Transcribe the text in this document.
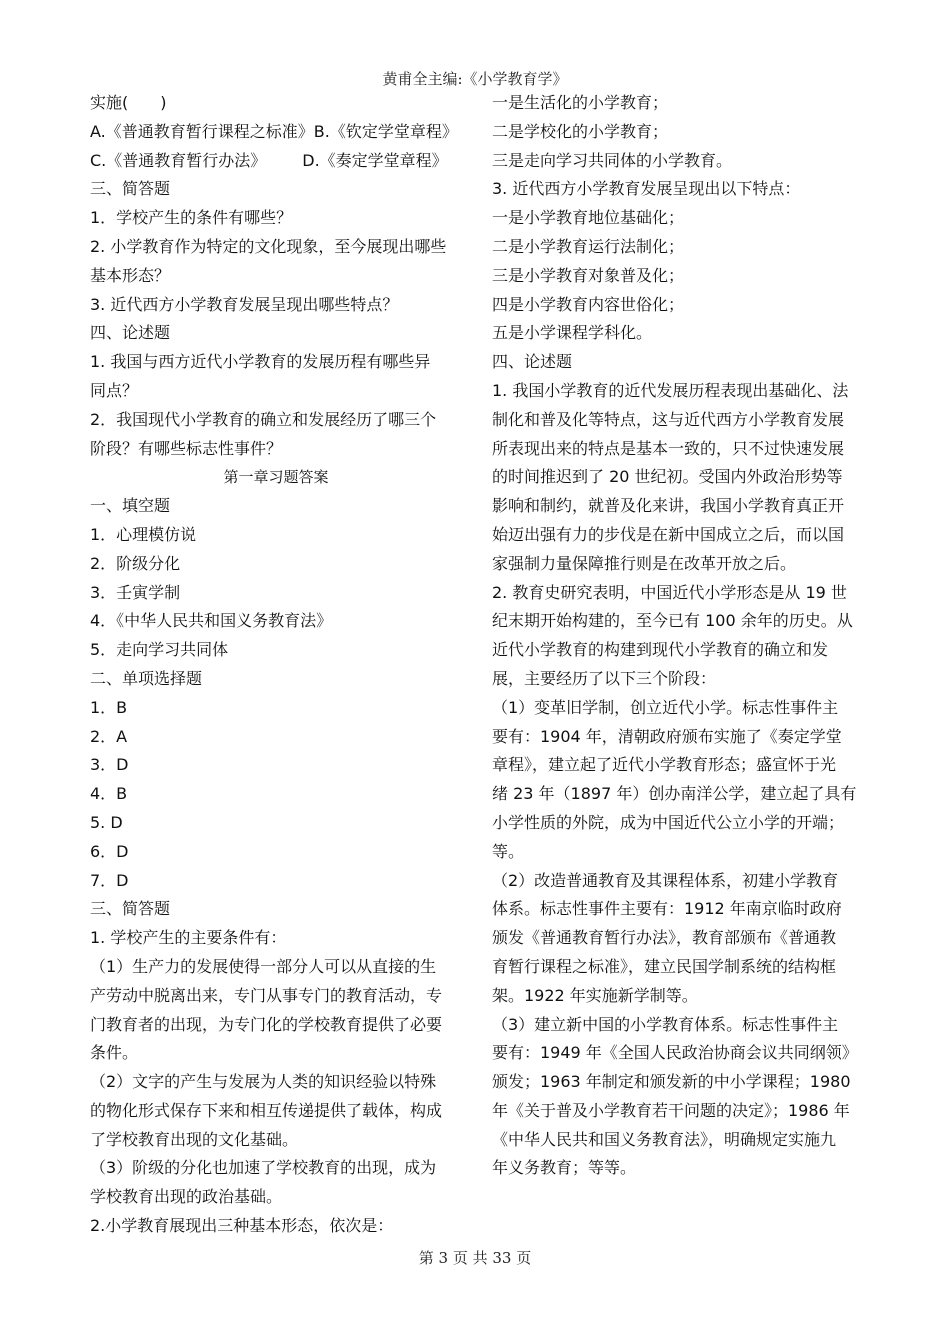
黄甫全主编:《小学教育学》
实施(　　)
A.《普通教育暂行课程之标准》B.《钦定学堂章程》
C.《普通教育暂行办法》 D.《奏定学堂章程》
三、简答题
1．学校产生的条件有哪些？
2. 小学教育作为特定的文化现象，至今展现出哪些
基本形态？
3. 近代西方小学教育发展呈现出哪些特点？
四、论述题
1. 我国与西方近代小学教育的发展历程有哪些异
同点？
2．我国现代小学教育的确立和发展经历了哪三个
阶段？有哪些标志性事件？
第一章习题答案
一、填空题
1．心理模仿说
2．阶级分化
3．壬寅学制
4．《中华人民共和国义务教育法》
5．走向学习共同体
二、单项选择题
1．B
2．A
3．D
4．B
5. D
6．D
7．D
三、简答题
1. 学校产生的主要条件有：
（1）生产力的发展使得一部分人可以从直接的生
产劳动中脱离出来，专门从事专门的教育活动，专
门教育者的出现，为专门化的学校教育提供了必要
条件。
（2）文字的产生与发展为人类的知识经验以特殊
的物化形式保存下来和相互传递提供了载体，构成
了学校教育出现的文化基础。
（3）阶级的分化也加速了学校教育的出现，成为
学校教育出现的政治基础。
2.小学教育展现出三种基本形态，依次是：
一是生活化的小学教育；
二是学校化的小学教育；
三是走向学习共同体的小学教育。
3. 近代西方小学教育发展呈现出以下特点：
一是小学教育地位基础化；
二是小学教育运行法制化；
三是小学教育对象普及化；
四是小学教育内容世俗化；
五是小学课程学科化。
四、论述题
1. 我国小学教育的近代发展历程表现出基础化、法
制化和普及化等特点，这与近代西方小学教育发展
所表现出来的特点是基本一致的，只不过快速发展
的时间推迟到了 20 世纪初。受国内外政治形势等
影响和制约，就普及化来讲，我国小学教育真正开
始迈出强有力的步伐是在新中国成立之后，而以国
家强制力量保障推行则是在改革开放之后。
2. 教育史研究表明，中国近代小学形态是从 19 世
纪末期开始构建的，至今已有 100 余年的历史。从
近代小学教育的构建到现代小学教育的确立和发
展，主要经历了以下三个阶段：
（1）变革旧学制，创立近代小学。标志性事件主
要有：1904 年，清朝政府颁布实施了《奏定学堂
章程》，建立起了近代小学教育形态；盛宣怀于光
绪 23 年（1897 年）创办南洋公学，建立起了具有
小学性质的外院，成为中国近代公立小学的开端；
等。
（2）改造普通教育及其课程体系，初建小学教育
体系。标志性事件主要有：1912 年南京临时政府
颁发《普通教育暂行办法》，教育部颁布《普通教
育暂行课程之标准》，建立民国学制系统的结构框
架。1922 年实施新学制等。
（3）建立新中国的小学教育体系。标志性事件主
要有：1949 年《全国人民政治协商会议共同纲领》
颁发；1963 年制定和颁发新的中小学课程；1980
年《关于普及小学教育若干问题的决定》；1986 年
《中华人民共和国义务教育法》，明确规定实施九
年义务教育；等等。
第 3 页 共 33 页
